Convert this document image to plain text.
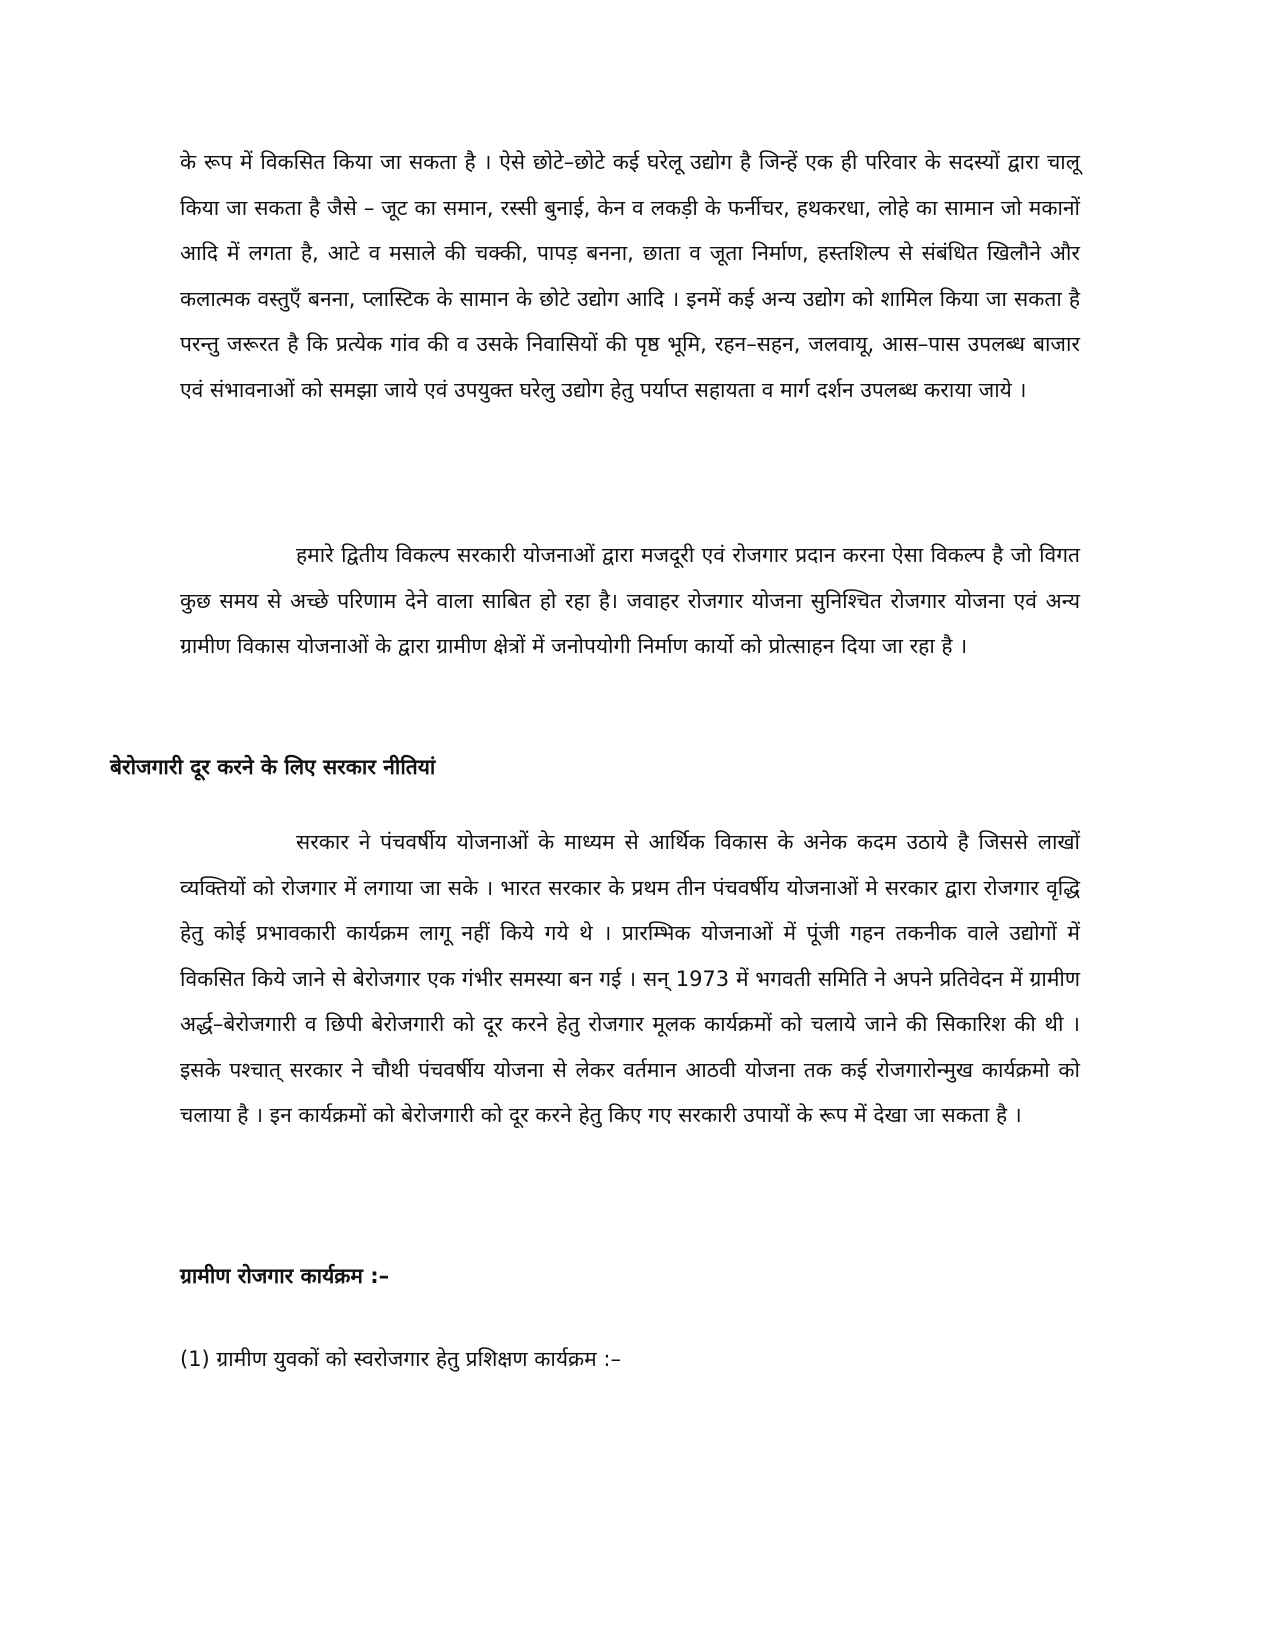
के रूप में विकसित किया जा सकता है । ऐसे छोटे–छोटे कई घरेलू उद्योग है जिन्हें एक ही परिवार के सदस्यों द्वारा चालू किया जा सकता है जैसे – जूट का समान, रस्सी बुनाई, केन व लकड़ी के फर्नीचर, हथकरधा, लोहे का सामान जो मकानों आदि में लगता है, आटे व मसाले की चक्की, पापड़ बनना, छाता व जूता निर्माण, हस्तशिल्प से संबंधित खिलौने और कलात्मक वस्तुएँ बनना, प्लास्टिक के सामान के छोटे उद्योग आदि । इनमें कई अन्य उद्योग को शामिल किया जा सकता है परन्तु जरूरत है कि प्रत्येक गांव की व उसके निवासियों की पृष्ठ भूमि, रहन–सहन, जलवायू, आस–पास उपलब्ध बाजार एवं संभावनाओं को समझा जाये एवं उपयुक्त घरेलु उद्योग हेतु पर्याप्त सहायता व मार्ग दर्शन उपलब्ध कराया जाये ।

हमारे द्वितीय विकल्प सरकारी योजनाओं द्वारा मजदूरी एवं रोजगार प्रदान करना ऐसा विकल्प है जो विगत कुछ समय से अच्छे परिणाम देने वाला साबित हो रहा है। जवाहर रोजगार योजना सुनिश्चित रोजगार योजना एवं अन्य ग्रामीण विकास योजनाओं के द्वारा ग्रामीण क्षेत्रों में जनोपयोगी निर्माण कार्यो को प्रोत्साहन दिया जा रहा है ।

बेरोजगारी दूर करने के लिए सरकार नीतियां

सरकार ने पंचवर्षीय योजनाओं के माध्यम से आर्थिक विकास के अनेक कदम उठाये है जिससे लाखों व्यक्तियों को रोजगार में लगाया जा सके । भारत सरकार के प्रथम तीन पंचवर्षीय योजनाओं मे सरकार द्वारा रोजगार वृद्धि हेतु कोई प्रभावकारी कार्यक्रम लागू नहीं किये गये थे । प्रारम्भिक योजनाओं में पूंजी गहन तकनीक वाले उद्योगों में विकसित किये जाने से बेरोजगार एक गंभीर समस्या बन गई । सन् 1973 में भगवती समिति ने अपने प्रतिवेदन में ग्रामीण अर्द्ध–बेरोजगारी व छिपी बेरोजगारी को दूर करने हेतु रोजगार मूलक कार्यक्रमों को चलाये जाने की सिकारिश की थी । इसके पश्चात् सरकार ने चौथी पंचवर्षीय योजना से लेकर वर्तमान आठवी योजना तक कई रोजगारोन्मुख कार्यक्रमो को चलाया है । इन कार्यक्रमों को बेरोजगारी को दूर करने हेतु किए गए सरकारी उपायों के रूप में देखा जा सकता है ।

ग्रामीण रोजगार कार्यक्रम :–

(1) ग्रामीण युवकों को स्वरोजगार हेतु प्रशिक्षण कार्यक्रम :–
